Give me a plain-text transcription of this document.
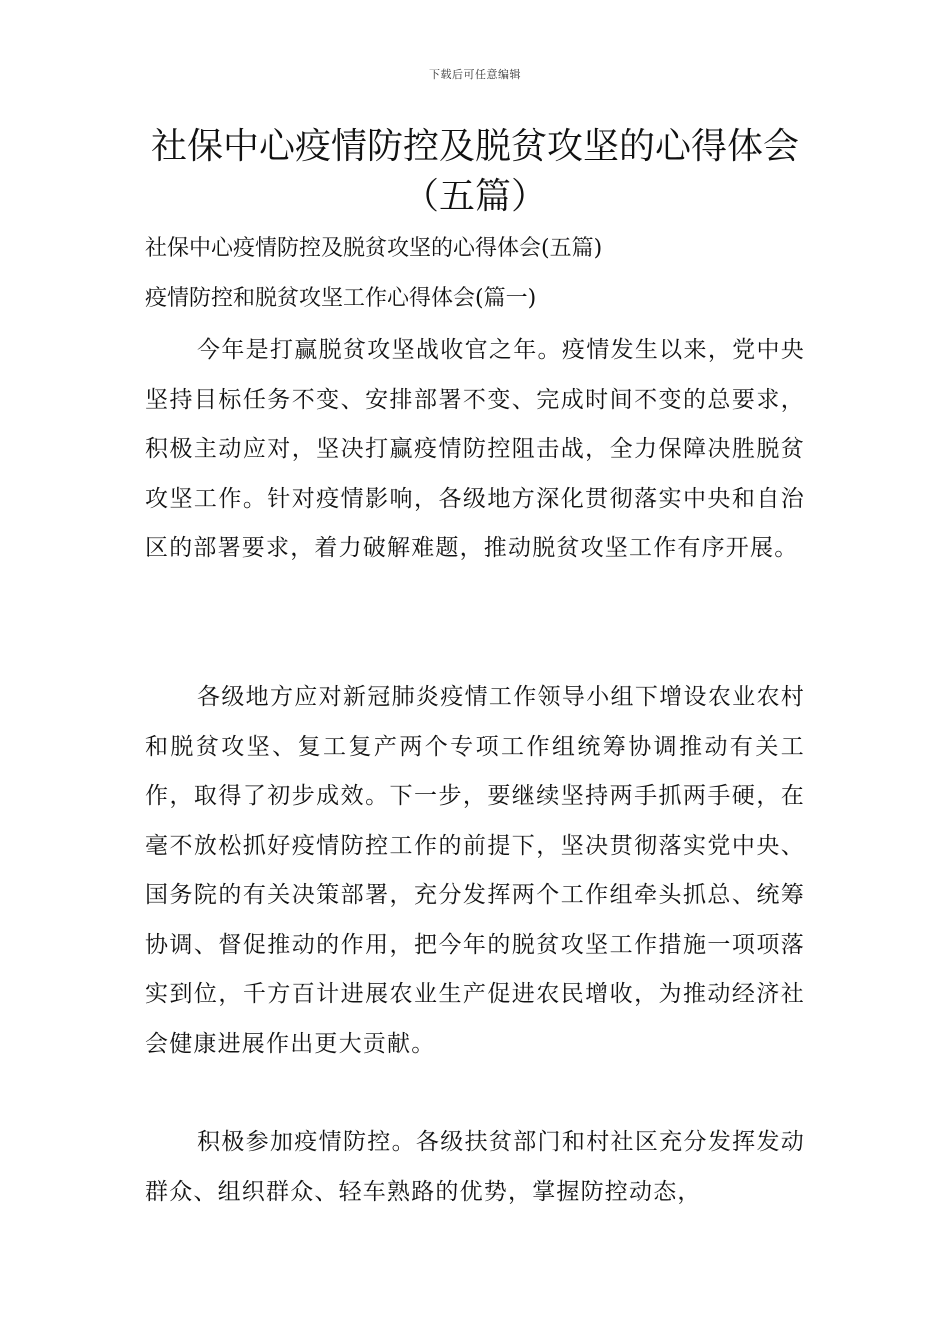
下载后可任意编辑
社保中心疫情防控及脱贫攻坚的心得体会（五篇）

社保中心疫情防控及脱贫攻坚的心得体会(五篇)

疫情防控和脱贫攻坚工作心得体会(篇一)

今年是打赢脱贫攻坚战收官之年。疫情发生以来，党中央坚持目标任务不变、安排部署不变、完成时间不变的总要求，积极主动应对，坚决打赢疫情防控阻击战，全力保障决胜脱贫攻坚工作。针对疫情影响，各级地方深化贯彻落实中央和自治区的部署要求，着力破解难题，推动脱贫攻坚工作有序开展。

各级地方应对新冠肺炎疫情工作领导小组下增设农业农村和脱贫攻坚、复工复产两个专项工作组统筹协调推动有关工作，取得了初步成效。下一步，要继续坚持两手抓两手硬，在毫不放松抓好疫情防控工作的前提下，坚决贯彻落实党中央、国务院的有关决策部署，充分发挥两个工作组牵头抓总、统筹协调、督促推动的作用，把今年的脱贫攻坚工作措施一项项落实到位，千方百计进展农业生产促进农民增收，为推动经济社会健康进展作出更大贡献。

积极参加疫情防控。各级扶贫部门和村社区充分发挥发动群众、组织群众、轻车熟路的优势，掌握防控动态，
